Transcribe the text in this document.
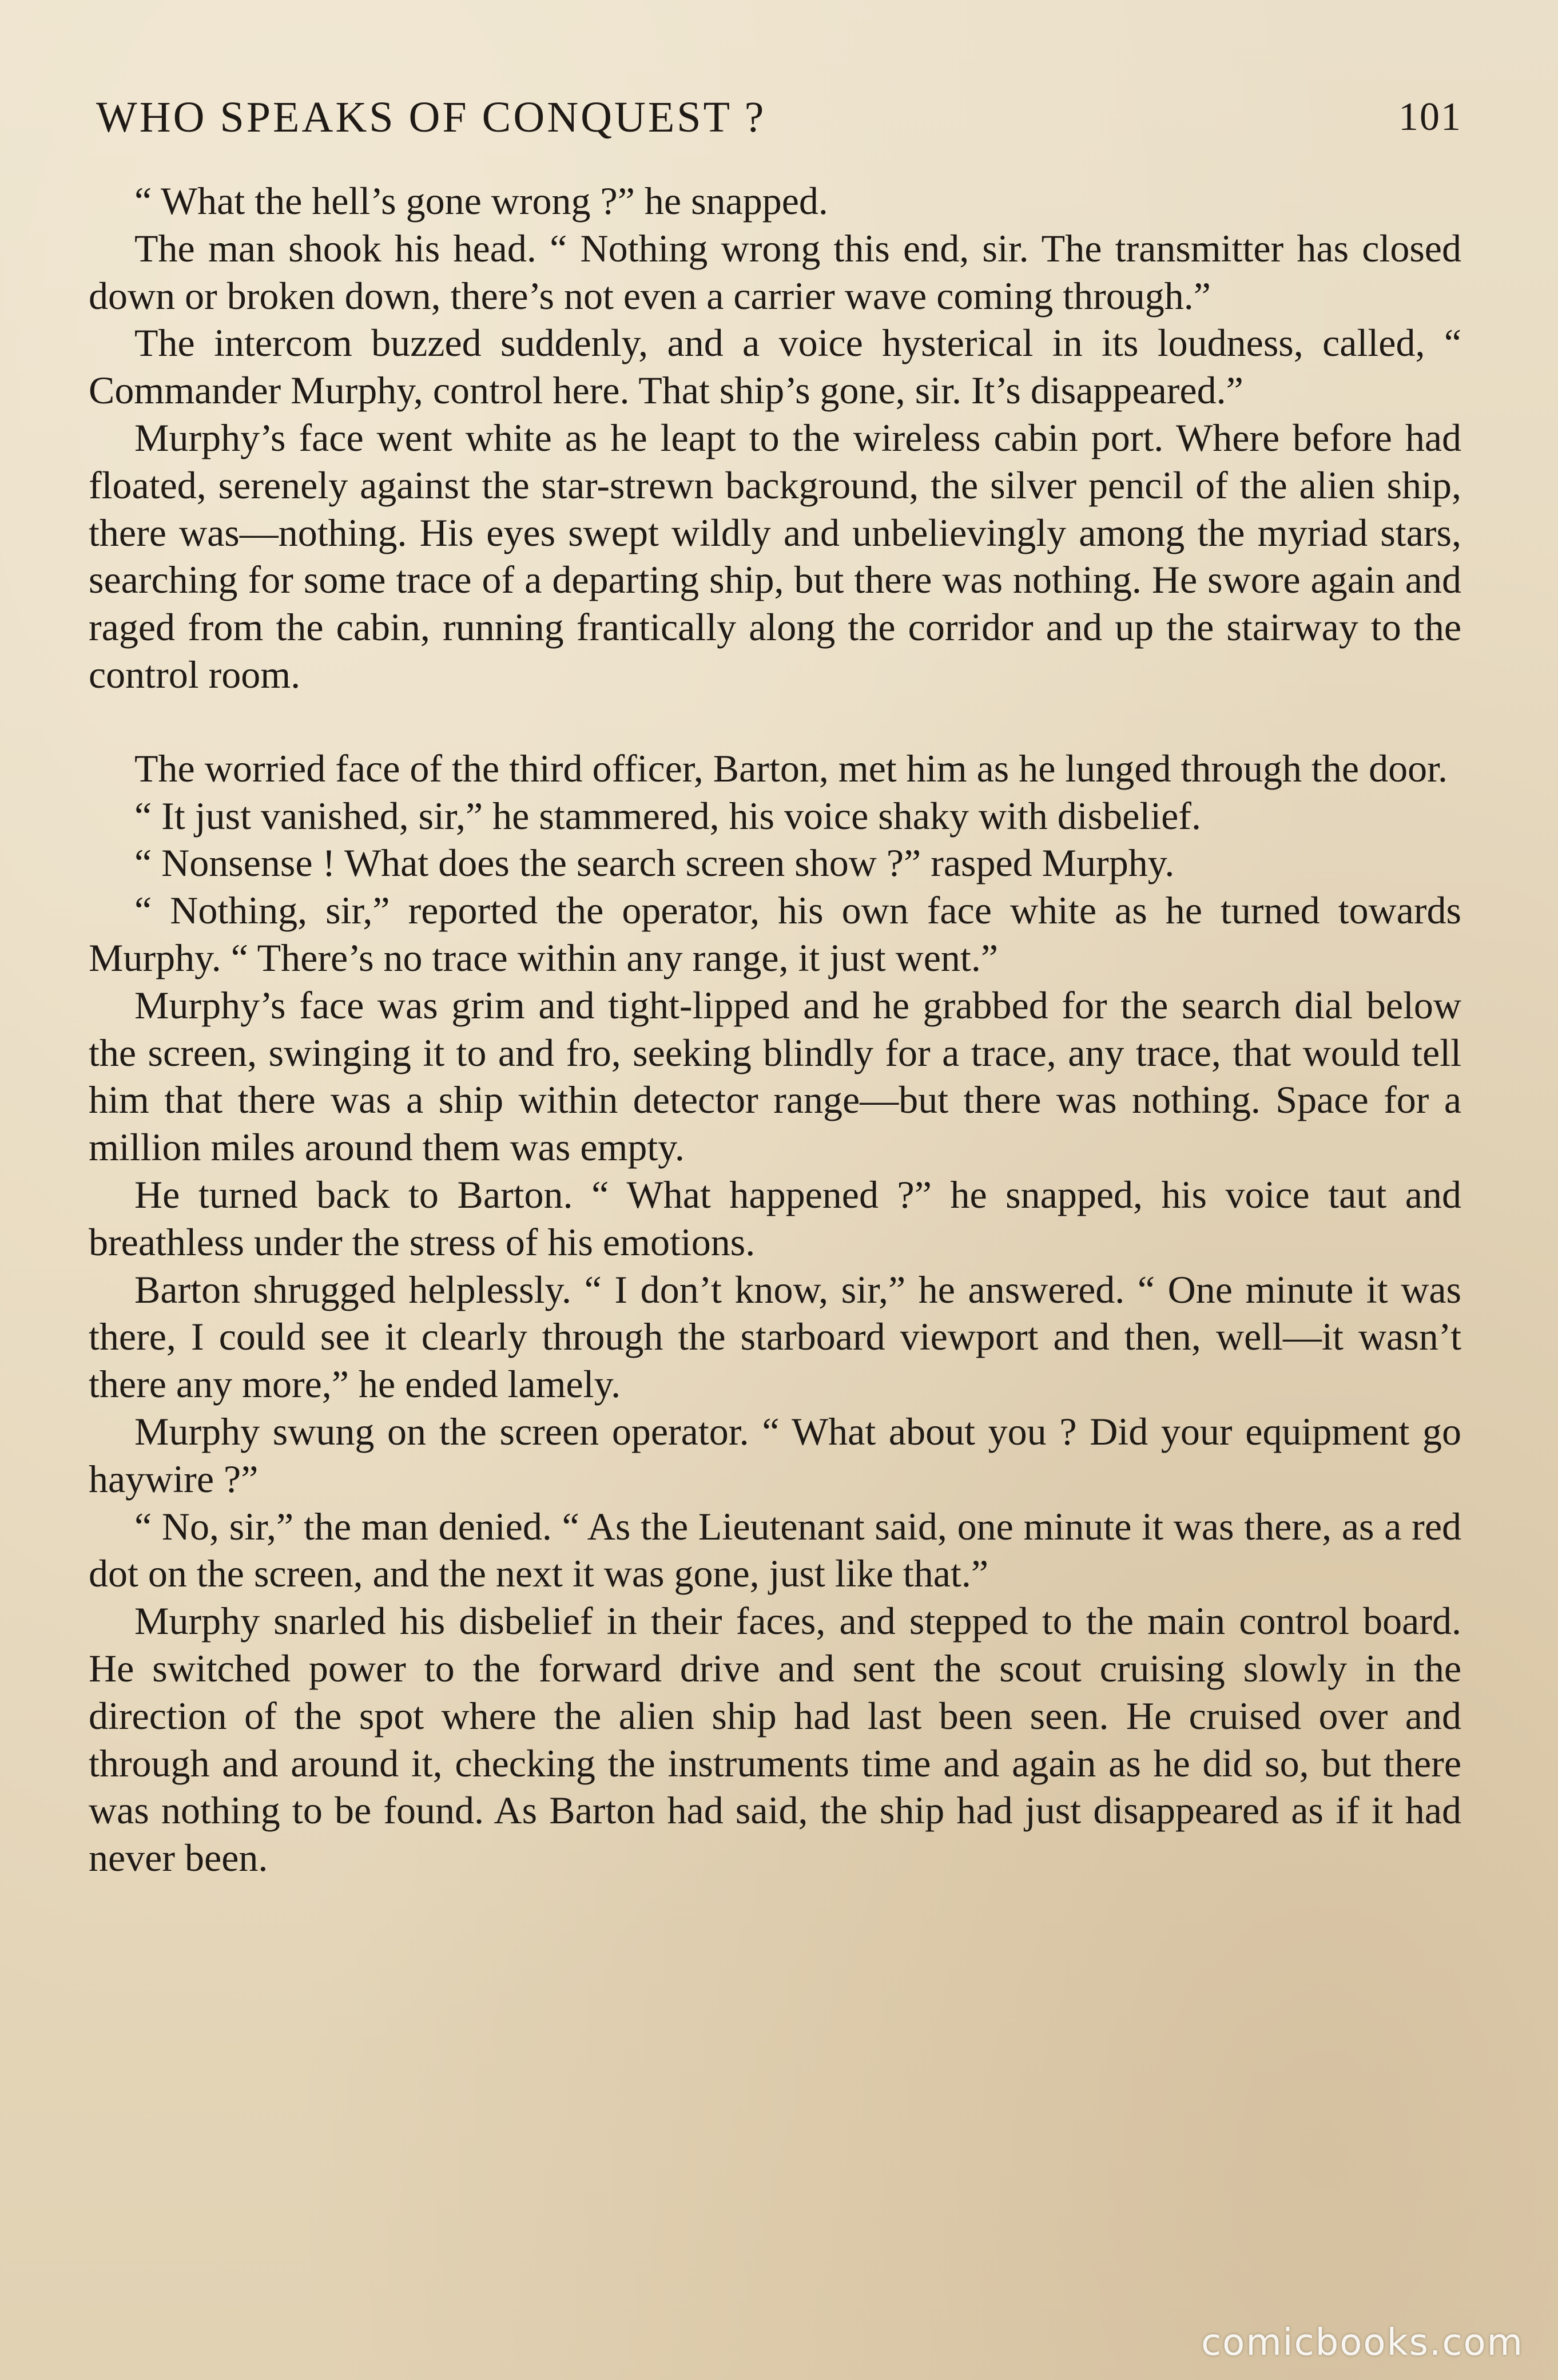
WHO SPEAKS OF CONQUEST ?	101

“ What the hell’s gone wrong ?” he snapped.

The man shook his head. “ Nothing wrong this end, sir. The transmitter has closed down or broken down, there’s not even a carrier wave coming through.”

The intercom buzzed suddenly, and a voice hysterical in its loudness, called, “ Commander Murphy, control here. That ship’s gone, sir. It’s disappeared.”

Murphy’s face went white as he leapt to the wireless cabin port. Where before had floated, serenely against the star-strewn background, the silver pencil of the alien ship, there was—nothing. His eyes swept wildly and unbelievingly among the myriad stars, searching for some trace of a departing ship, but there was nothing. He swore again and raged from the cabin, running frantically along the corridor and up the stairway to the control room.

The worried face of the third officer, Barton, met him as he lunged through the door.

“ It just vanished, sir,” he stammered, his voice shaky with disbelief.

“ Nonsense ! What does the search screen show ?” rasped Murphy.

“ Nothing, sir,” reported the operator, his own face white as he turned towards Murphy. “ There’s no trace within any range, it just went.”

Murphy’s face was grim and tight-lipped and he grabbed for the search dial below the screen, swinging it to and fro, seeking blindly for a trace, any trace, that would tell him that there was a ship within detector range—but there was nothing. Space for a million miles around them was empty.

He turned back to Barton. “ What happened ?” he snapped, his voice taut and breathless under the stress of his emotions.

Barton shrugged helplessly. “ I don’t know, sir,” he answered. “ One minute it was there, I could see it clearly through the starboard viewport and then, well—it wasn’t there any more,” he ended lamely.

Murphy swung on the screen operator. “ What about you ? Did your equipment go haywire ?”

“ No, sir,” the man denied. “ As the Lieutenant said, one minute it was there, as a red dot on the screen, and the next it was gone, just like that.”

Murphy snarled his disbelief in their faces, and stepped to the main control board. He switched power to the forward drive and sent the scout cruising slowly in the direction of the spot where the alien ship had last been seen. He cruised over and through and around it, checking the instruments time and again as he did so, but there was nothing to be found. As Barton had said, the ship had just disappeared as if it had never been.

comicbooks.com
